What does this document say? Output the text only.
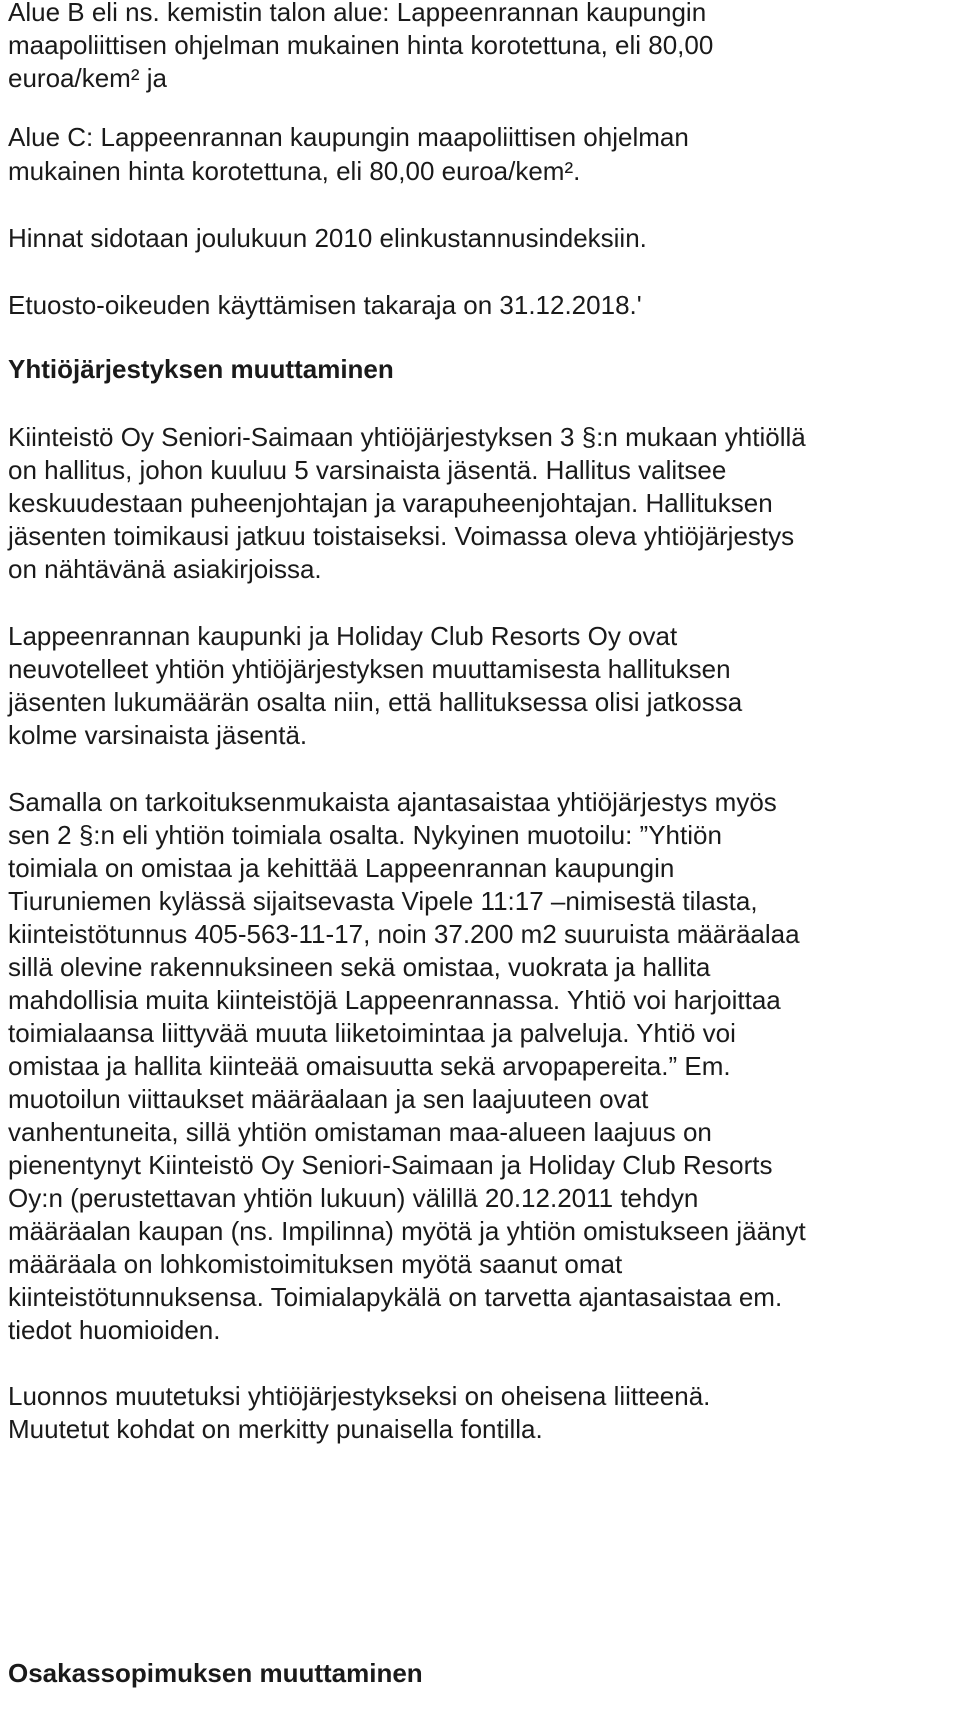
Alue B eli ns. kemistin talon alue: Lappeenrannan kaupungin
maapoliittisen ohjelman mukainen hinta korotettuna, eli 80,00
euroa/kem² ja
Alue C: Lappeenrannan kaupungin maapoliittisen ohjelman
mukainen hinta korotettuna, eli 80,00 euroa/kem².
Hinnat sidotaan joulukuun 2010 elinkustannusindeksiin.
Etuosto-oikeuden käyttämisen takaraja on 31.12.2018.'
Yhtiöjärjestyksen muuttaminen
Kiinteistö Oy Seniori-Saimaan yhtiöjärjestyksen 3 §:n mukaan yhtiöllä
on hallitus, johon kuuluu 5 varsinaista jäsentä. Hallitus valitsee
keskuudestaan puheenjohtajan ja varapuheenjohtajan. Hallituksen
jäsenten toimikausi jatkuu toistaiseksi. Voimassa oleva yhtiöjärjestys
on nähtävänä asiakirjoissa.
Lappeenrannan kaupunki ja Holiday Club Resorts Oy ovat
neuvotelleet yhtiön yhtiöjärjestyksen muuttamisesta hallituksen
jäsenten lukumäärän osalta niin, että hallituksessa olisi jatkossa
kolme varsinaista jäsentä.
Samalla on tarkoituksenmukaista ajantasaistaa yhtiöjärjestys myös
sen 2 §:n eli yhtiön toimiala osalta. Nykyinen muotoilu: ”Yhtiön
toimiala on omistaa ja kehittää Lappeenrannan kaupungin
Tiuruniemen kylässä sijaitsevasta Vipele 11:17 –nimisestä tilasta,
kiinteistötunnus 405-563-11-17, noin 37.200 m2 suuruista määräalaa
sillä olevine rakennuksineen sekä omistaa, vuokrata ja hallita
mahdollisia muita kiinteistöjä Lappeenrannassa. Yhtiö voi harjoittaa
toimialaansa liittyvää muuta liiketoimintaa ja palveluja. Yhtiö voi
omistaa ja hallita kiinteää omaisuutta sekä arvopapereita.” Em.
muotoilun viittaukset määräalaan ja sen laajuuteen ovat
vanhentuneita, sillä yhtiön omistaman maa-alueen laajuus on
pienentynyt Kiinteistö Oy Seniori-Saimaan ja Holiday Club Resorts
Oy:n (perustettavan yhtiön lukuun) välillä 20.12.2011 tehdyn
määräalan kaupan (ns. Impilinna) myötä ja yhtiön omistukseen jäänyt
määräala on lohkomistoimituksen myötä saanut omat
kiinteistötunnuksensa. Toimialapykälä on tarvetta ajantasaistaa em.
tiedot huomioiden.
Luonnos muutetuksi yhtiöjärjestykseksi on oheisena liitteenä.
Muutetut kohdat on merkitty punaisella fontilla.
Osakassopimuksen muuttaminen
